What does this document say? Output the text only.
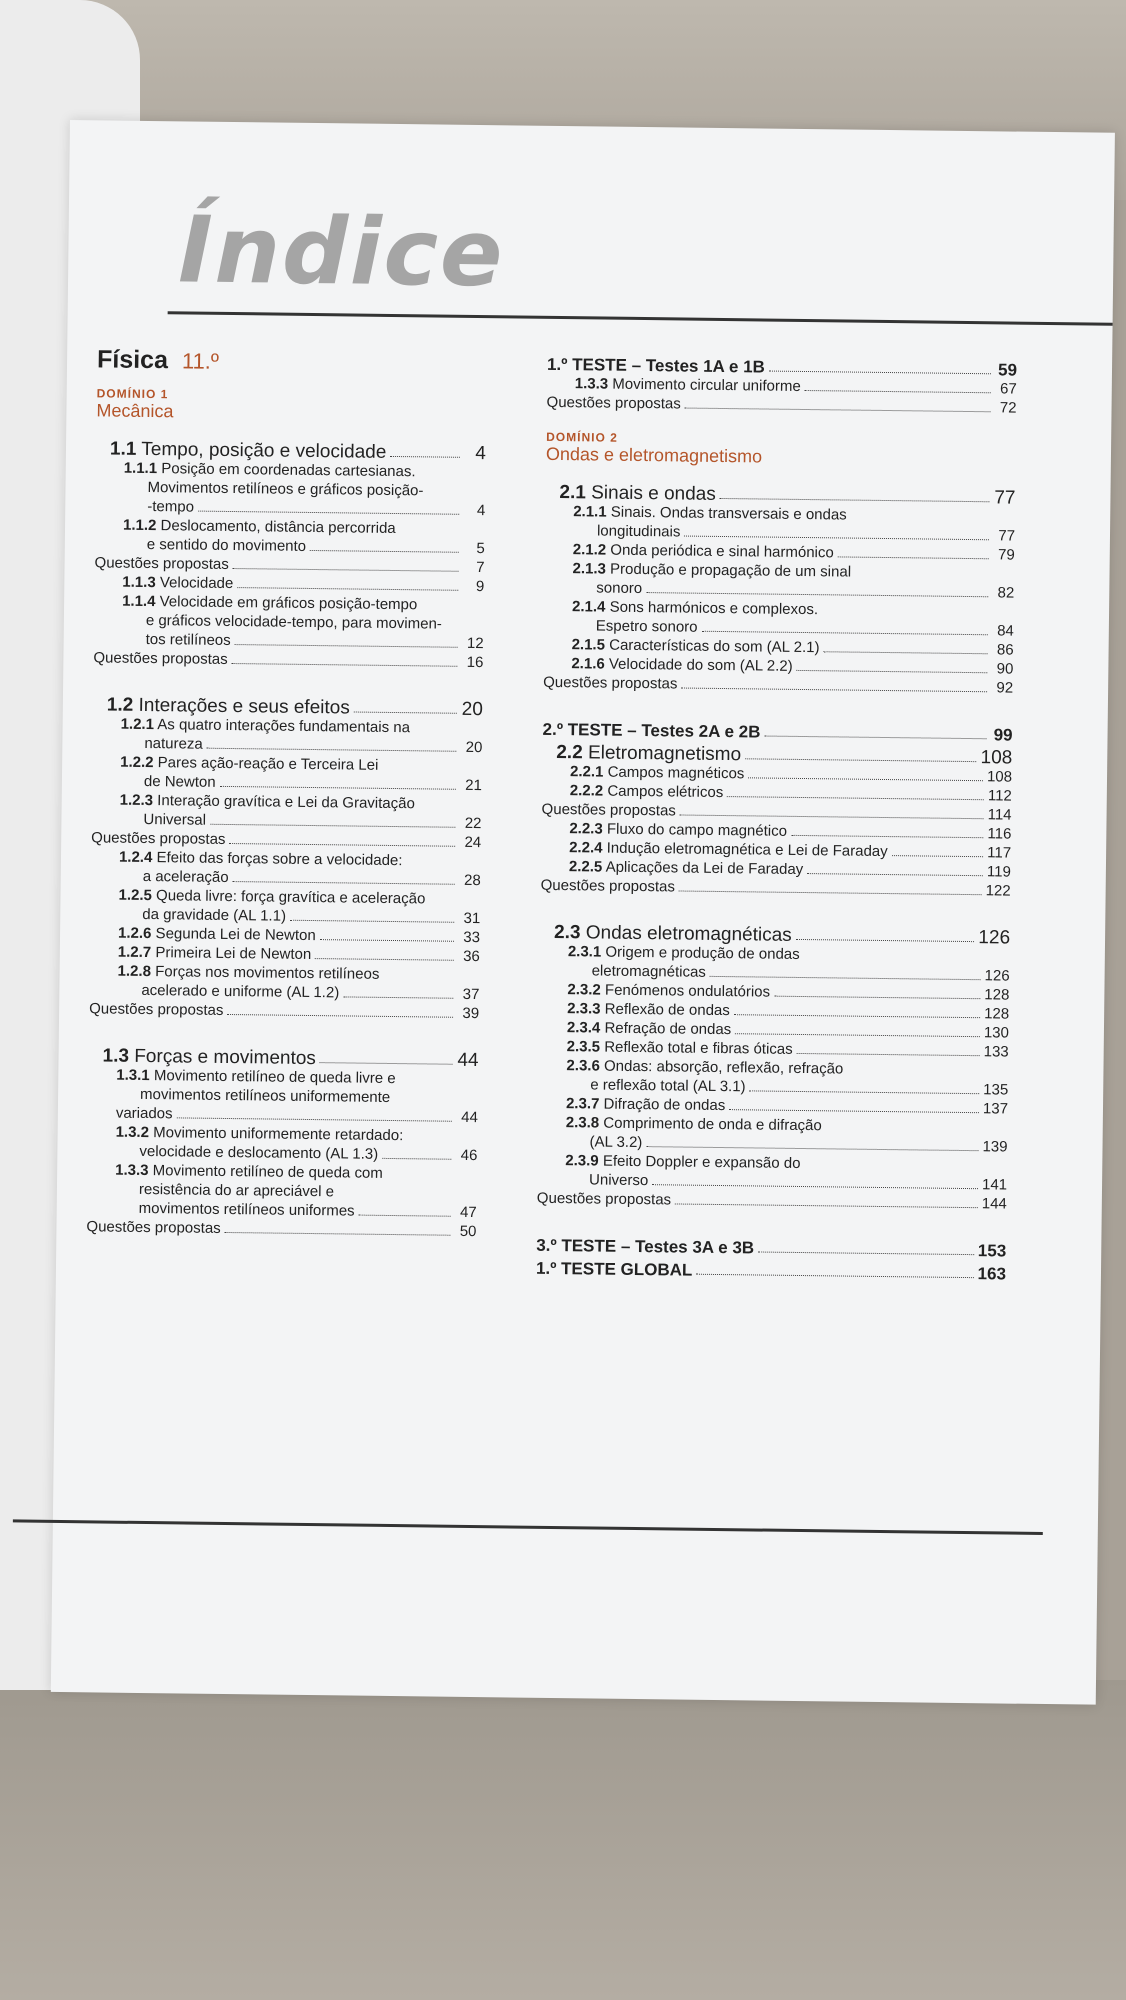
Índice
Física 11.º
DOMÍNIO 1
Mecânica
1.1 Tempo, posição e velocidade	4
1.1.1 Posição em coordenadas cartesianas.
Movimentos retilíneos e gráficos posição-
-tempo	4
1.1.2 Deslocamento, distância percorrida
e sentido do movimento	5
Questões propostas	7
1.1.3 Velocidade	9
1.1.4 Velocidade em gráficos posição-tempo
e gráficos velocidade-tempo, para movimen-
tos retilíneos	12
Questões propostas	16
1.2 Interações e seus efeitos	20
1.2.1 As quatro interações fundamentais na
natureza	20
1.2.2 Pares ação-reação e Terceira Lei
de Newton	21
1.2.3 Interação gravítica e Lei da Gravitação
Universal	22
Questões propostas	24
1.2.4 Efeito das forças sobre a velocidade:
a aceleração	28
1.2.5 Queda livre: força gravítica e aceleração
da gravidade (AL 1.1)	31
1.2.6 Segunda Lei de Newton	33
1.2.7 Primeira Lei de Newton	36
1.2.8 Forças nos movimentos retilíneos
acelerado e uniforme (AL 1.2)	37
Questões propostas	39
1.3 Forças e movimentos	44
1.3.1 Movimento retilíneo de queda livre e
movimentos retilíneos uniformemente
variados	44
1.3.2 Movimento uniformemente retardado:
velocidade e deslocamento (AL 1.3)	46
1.3.3 Movimento retilíneo de queda com
resistência do ar apreciável e
movimentos retilíneos uniformes	47
Questões propostas	50
1.º TESTE – Testes 1A e 1B	59
1.3.3 Movimento circular uniforme	67
Questões propostas	72
DOMÍNIO 2
Ondas e eletromagnetismo
2.1 Sinais e ondas	77
2.1.1 Sinais. Ondas transversais e ondas
longitudinais	77
2.1.2 Onda periódica e sinal harmónico	79
2.1.3 Produção e propagação de um sinal
sonoro	82
2.1.4 Sons harmónicos e complexos.
Espetro sonoro	84
2.1.5 Características do som (AL 2.1)	86
2.1.6 Velocidade do som (AL 2.2)	90
Questões propostas	92
2.º TESTE – Testes 2A e 2B	99
2.2 Eletromagnetismo	108
2.2.1 Campos magnéticos	108
2.2.2 Campos elétricos	112
Questões propostas	114
2.2.3 Fluxo do campo magnético	116
2.2.4 Indução eletromagnética e Lei de Faraday	117
2.2.5 Aplicações da Lei de Faraday	119
Questões propostas	122
2.3 Ondas eletromagnéticas	126
2.3.1 Origem e produção de ondas
eletromagnéticas	126
2.3.2 Fenómenos ondulatórios	128
2.3.3 Reflexão de ondas	128
2.3.4 Refração de ondas	130
2.3.5 Reflexão total e fibras óticas	133
2.3.6 Ondas: absorção, reflexão, refração
e reflexão total (AL 3.1)	135
2.3.7 Difração de ondas	137
2.3.8 Comprimento de onda e difração
(AL 3.2)	139
2.3.9 Efeito Doppler e expansão do
Universo	141
Questões propostas	144
3.º TESTE – Testes 3A e 3B	153
1.º TESTE GLOBAL	163
